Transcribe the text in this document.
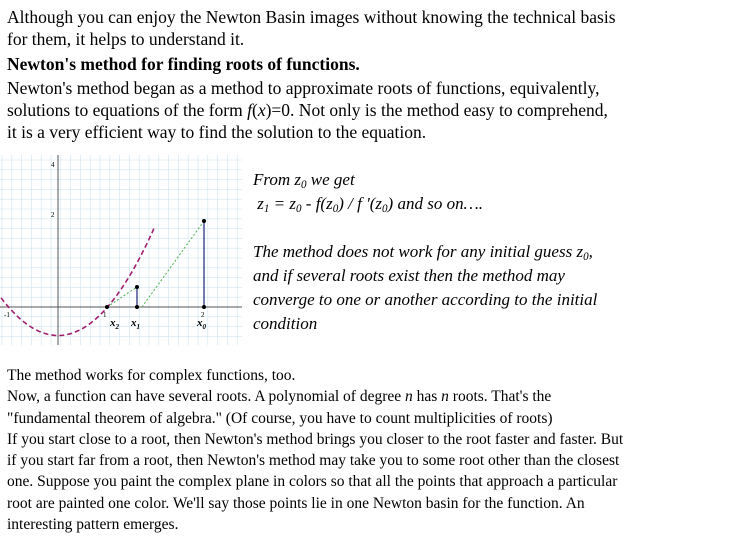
Although you can enjoy the Newton Basin images without knowing the technical basis
for them, it helps to understand it.
Newton's method for finding roots of functions.
Newton's method began as a method to approximate roots of functions, equivalently,
solutions to equations of the form f(x)=0. Not only is the method easy to comprehend,
it is a very efficient way to find the solution to the equation.
4
2
-1	1	2
$x_2$ $x_1$	$x_0$
From $z_0$ we get
$z_1 = z_0 - f(z_0) / f$ '$(z_0)$ and so on….
The method does not work for any initial guess $z_0$,
and if several roots exist then the method may
converge to one or another according to the initial
condition
The method works for complex functions, too.
Now, a function can have several roots. A polynomial of degree n has n roots. That's the
"fundamental theorem of algebra." (Of course, you have to count multiplicities of roots)
If you start close to a root, then Newton's method brings you closer to the root faster and faster. But
if you start far from a root, then Newton's method may take you to some root other than the closest
one. Suppose you paint the complex plane in colors so that all the points that approach a particular
root are painted one color. We'll say those points lie in one Newton basin for the function. An
interesting pattern emerges.
